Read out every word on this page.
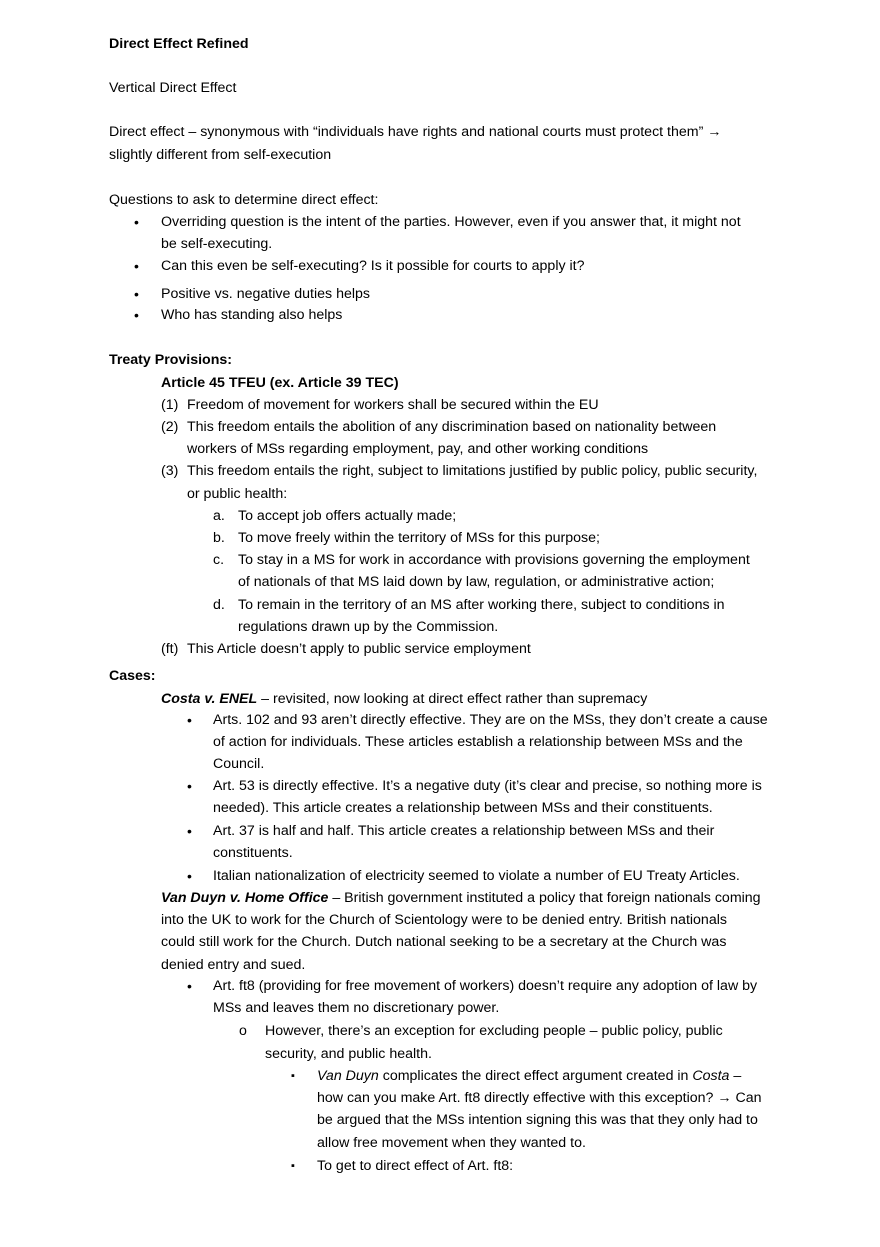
Direct Effect Refined
Vertical Direct Effect
Direct effect – synonymous with “individuals have rights and national courts must protect them” →
slightly different from self-execution
Questions to ask to determine direct effect:
• Overriding question is the intent of the parties. However, even if you answer that, it might not
be self-executing.
• Can this even be self-executing? Is it possible for courts to apply it?
• Positive vs. negative duties helps
• Who has standing also helps
Treaty Provisions:
Article 45 TFEU (ex. Article 39 TEC)
(1) Freedom of movement for workers shall be secured within the EU
(2) This freedom entails the abolition of any discrimination based on nationality between
workers of MSs regarding employment, pay, and other working conditions
(3) This freedom entails the right, subject to limitations justified by public policy, public security,
or public health:
a. To accept job offers actually made;
b. To move freely within the territory of MSs for this purpose;
c. To stay in a MS for work in accordance with provisions governing the employment
of nationals of that MS laid down by law, regulation, or administrative action;
d. To remain in the territory of an MS after working there, subject to conditions in
regulations drawn up by the Commission.
(ft) This Article doesn’t apply to public service employment
Cases:
Costa v. ENEL – revisited, now looking at direct effect rather than supremacy
• Arts. 102 and 93 aren’t directly effective. They are on the MSs, they don’t create a cause
of action for individuals. These articles establish a relationship between MSs and the
Council.
• Art. 53 is directly effective. It’s a negative duty (it’s clear and precise, so nothing more is
needed). This article creates a relationship between MSs and their constituents.
• Art. 37 is half and half. This article creates a relationship between MSs and their
constituents.
• Italian nationalization of electricity seemed to violate a number of EU Treaty Articles.
Van Duyn v. Home Ofﬁce – British government instituted a policy that foreign nationals coming
into the UK to work for the Church of Scientology were to be denied entry. British nationals
could still work for the Church. Dutch national seeking to be a secretary at the Church was
denied entry and sued.
• Art. ft8 (providing for free movement of workers) doesn’t require any adoption of law by
MSs and leaves them no discretionary power.
o However, there’s an exception for excluding people – public policy, public
security, and public health.
▪ Van Duyn complicates the direct effect argument created in Costa –
how can you make Art. ft8 directly effective with this exception? → Can
be argued that the MSs intention signing this was that they only had to
allow free movement when they wanted to.
▪ To get to direct effect of Art. ft8:
